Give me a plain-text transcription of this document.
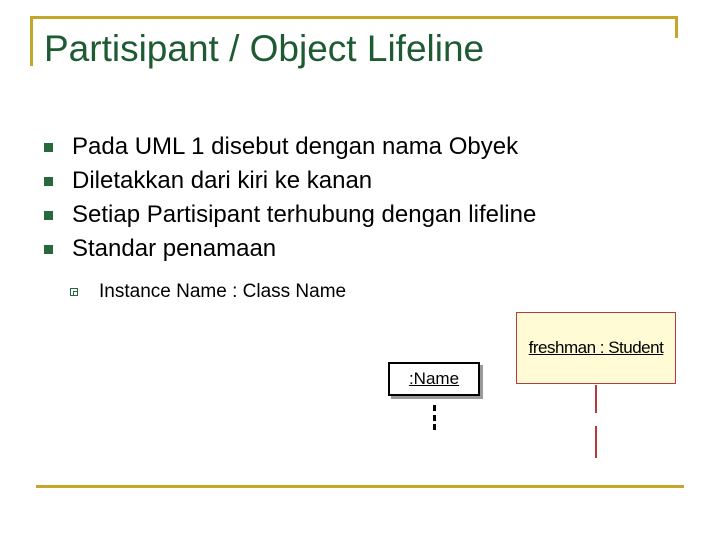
Partisipant / Object Lifeline
Pada UML 1 disebut dengan nama Obyek
Diletakkan dari kiri ke kanan
Setiap Partisipant terhubung dengan lifeline
Standar penamaan
Instance Name : Class Name
:Name
freshman : Student
